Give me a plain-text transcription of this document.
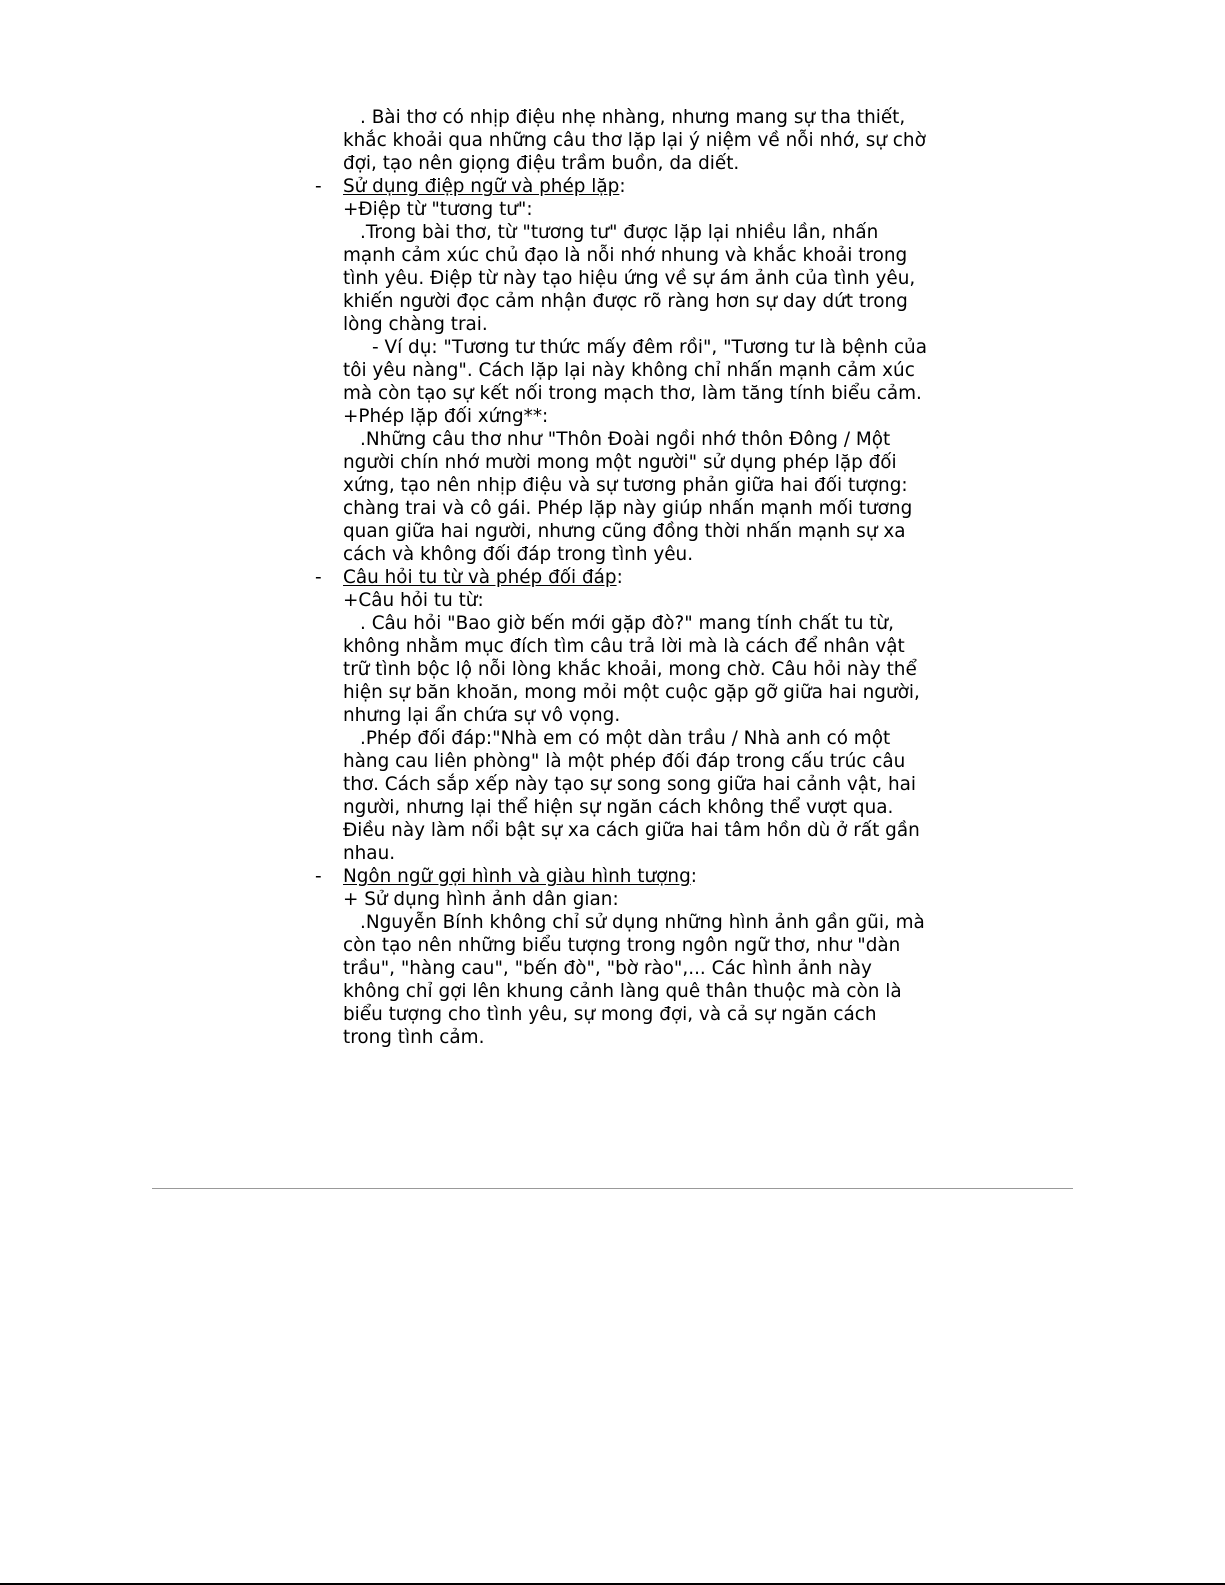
. Bài thơ có nhịp điệu nhẹ nhàng, nhưng mang sự tha thiết,

khắc khoải qua những câu thơ lặp lại ý niệm về nỗi nhớ, sự chờ

đợi, tạo nên giọng điệu trầm buồn, da diết.

- Sử dụng điệp ngữ và phép lặp:

+Điệp từ "tương tư":

.Trong bài thơ, từ "tương tư" được lặp lại nhiều lần, nhấn

mạnh cảm xúc chủ đạo là nỗi nhớ nhung và khắc khoải trong

tình yêu. Điệp từ này tạo hiệu ứng về sự ám ảnh của tình yêu,

khiến người đọc cảm nhận được rõ ràng hơn sự day dứt trong

lòng chàng trai.

- Ví dụ: "Tương tư thức mấy đêm rồi", "Tương tư là bệnh của

tôi yêu nàng". Cách lặp lại này không chỉ nhấn mạnh cảm xúc

mà còn tạo sự kết nối trong mạch thơ, làm tăng tính biểu cảm.

+Phép lặp đối xứng**:

.Những câu thơ như "Thôn Đoài ngồi nhớ thôn Đông / Một

người chín nhớ mười mong một người" sử dụng phép lặp đối

xứng, tạo nên nhịp điệu và sự tương phản giữa hai đối tượng:

chàng trai và cô gái. Phép lặp này giúp nhấn mạnh mối tương

quan giữa hai người, nhưng cũng đồng thời nhấn mạnh sự xa

cách và không đối đáp trong tình yêu.

- Câu hỏi tu từ và phép đối đáp:

+Câu hỏi tu từ:

. Câu hỏi "Bao giờ bến mới gặp đò?" mang tính chất tu từ,

không nhằm mục đích tìm câu trả lời mà là cách để nhân vật

trữ tình bộc lộ nỗi lòng khắc khoải, mong chờ. Câu hỏi này thể

hiện sự băn khoăn, mong mỏi một cuộc gặp gỡ giữa hai người,

nhưng lại ẩn chứa sự vô vọng.

.Phép đối đáp:"Nhà em có một dàn trầu / Nhà anh có một

hàng cau liên phòng" là một phép đối đáp trong cấu trúc câu

thơ. Cách sắp xếp này tạo sự song song giữa hai cảnh vật, hai

người, nhưng lại thể hiện sự ngăn cách không thể vượt qua.

Điều này làm nổi bật sự xa cách giữa hai tâm hồn dù ở rất gần

nhau.

- Ngôn ngữ gợi hình và giàu hình tượng:

+ Sử dụng hình ảnh dân gian:

.Nguyễn Bính không chỉ sử dụng những hình ảnh gần gũi, mà

còn tạo nên những biểu tượng trong ngôn ngữ thơ, như "dàn

trầu", "hàng cau", "bến đò", "bờ rào",... Các hình ảnh này

không chỉ gợi lên khung cảnh làng quê thân thuộc mà còn là

biểu tượng cho tình yêu, sự mong đợi, và cả sự ngăn cách

trong tình cảm.
